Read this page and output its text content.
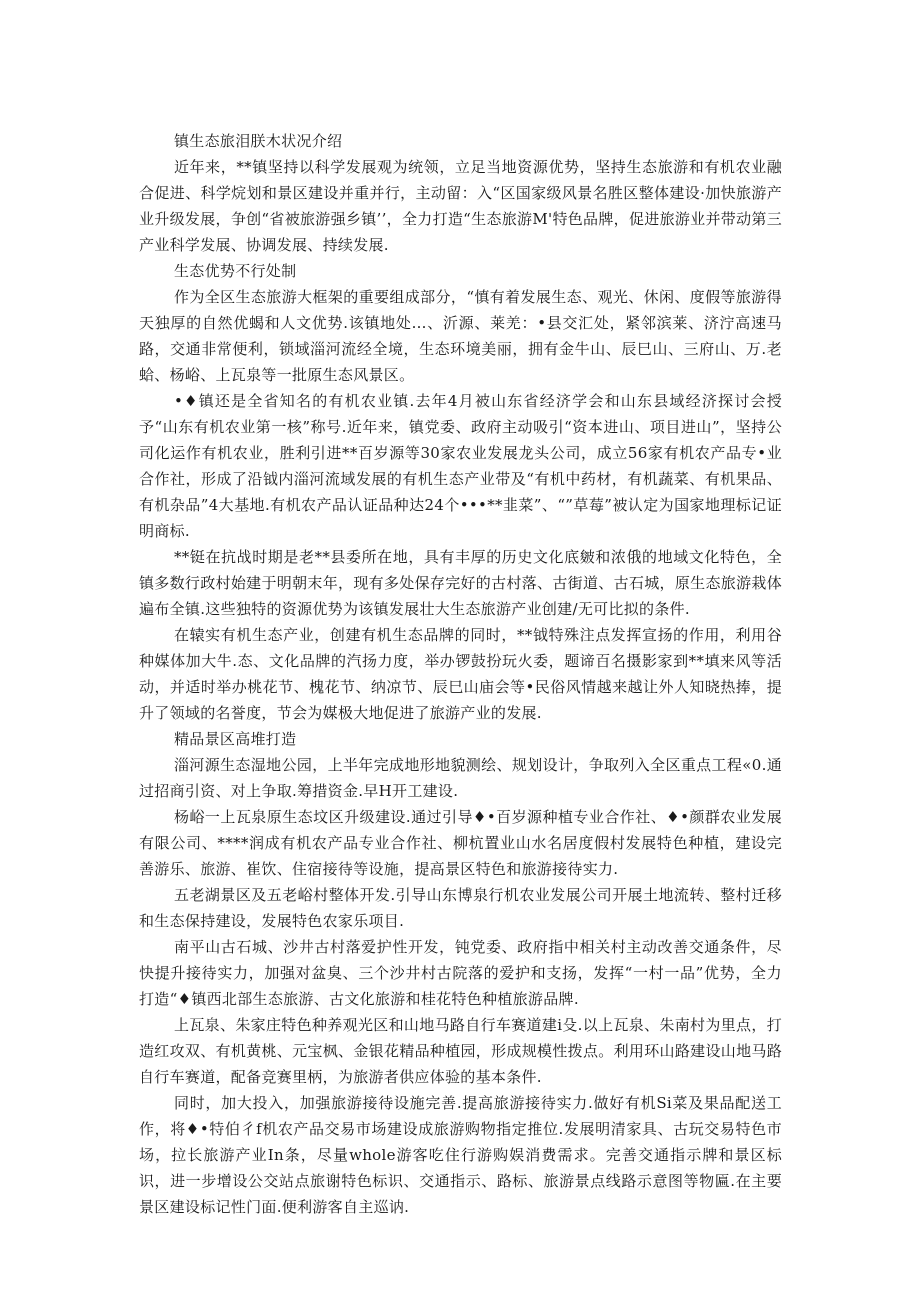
镇生态旅泪朕木状况介绍

近年来，**镇坚持以科学发展观为统领，立足当地资源优势，坚持生态旅游和有机农业融合促进、科学烷划和景区建设并重并行，主动留：入“区国家级风景名胜区整体建设·加快旅游产业升级发展，争创“省被旅游强乡镇’’，全力打造“生态旅游M'特色品牌，促进旅游业并带动第三产业科学发展、协调发展、持续发展.

生态优势不行处制

作为全区生态旅游大框架的重要组成部分，“慎有着发展生态、观光、休闲、度假等旅游得天独厚的自然优蝎和人文优势.该镇地处…、沂源、莱羌：•县交汇处，紧邻滨莱、济泞高速马路，交通非常便利，锁域淄河流经全境，生态环境美丽，拥有金牛山、辰巳山、三府山、万.老蛤、杨峪、上瓦泉等一批原生态风景区。

•♦镇还是全省知名的有机农业镇.去年4月被山东省经济学会和山东县域经济探讨会授予“山东有机农业第一核”称号.近年来，镇党委、政府主动吸引“资本进山、项目进山”，坚持公司化运作有机农业，胜利引进**百岁源等30家农业发展龙头公司，成立56家有机农产品专•业合作社，形成了沿钺内淄河流域发展的有机生态产业带及“有机中药材，有机蔬菜、有机果品、有机杂品”4大基地.有机农产品认证品种达24个•••**韭菜”、“”草莓”被认定为国家地理标记证明商标.

**铤在抗战时期是老**县委所在地，具有丰厚的历史文化底皴和浓俄的地域文化特色，全镇多数行政村始建于明朝末年，现有多处保存完好的古村落、古街道、古石城，原生态旅游栽体遍布全镇.这些独特的资源优势为该镇发展壮大生态旅游产业创建/无可比拟的条件.

在辕实有机生态产业，创建有机生态品牌的同时，**钺特殊注点发挥宣扬的作用，利用谷种媒体加大牛.态、文化品牌的汽扬力度，举办锣鼓扮玩火委，题谛百名摄影家到**填来风等活动，并适时举办桃花节、槐花节、纳凉节、辰巳山庙会等•民俗风情越来越让外人知晓热捧，提升了领域的名誉度，节会为媒极大地促进了旅游产业的发展.

精品景区高堆打造

淄河源生态湿地公园，上半年完成地形地貌测绘、规划设计，争取列入全区重点工程«0.通过招商引资、对上争取.筹措资金.早H开工建设.

杨峪一上瓦泉原生态坟区升级建设.通过引导♦•百岁源种植专业合作社、♦•颜群农业发展有限公司、****润成有机农产品专业合作社、柳杭置业山水名居度假村发展特色种植，建设完善游乐、旅游、崔饮、住宿接待等设施，提高景区特色和旅游接待实力.

五老湖景区及五老峪村整体开发.引导山东博泉行机农业发展公司开展土地流转、整村迁移和生态保持建设，发展特色农家乐项目.

南平山古石城、沙井古村落爱护性开发，钝党委、政府指中相关村主动改善交通条件，尽快提升接待实力，加强对盆臭、三个沙井村古院落的爱护和支扬，发挥“一村一品”优势，全力打造“♦镇西北部生态旅游、古文化旅游和桂花特色种植旅游品牌.

上瓦泉、朱家庄特色种养观光区和山地马路自行车赛道建i殳.以上瓦泉、朱南村为里点，打造红攻双、有机黄桃、元宝枫、金银花精品种植园，形成规模性拨点。利用环山路建设山地马路自行车赛道，配备竞赛里柄，为旅游者供应体验的基本条件.

同时，加大投入，加强旅游接待设施完善.提高旅游接待实力.做好有机Si菜及果品配送工作，将♦•特伯彳f机农产品交易市场建设成旅游购物指定推位.发展明清家具、古玩交易特色市场，拉长旅游产业In条，尽量whole游客吃住行游购娱消费需求。完善交通指示牌和景区标识，进一步增设公交站点旅谢特色标识、交通指示、路标、旅游景点线路示意图等物匾.在主要景区建设标记性门面.便利游客自主巡讷.
